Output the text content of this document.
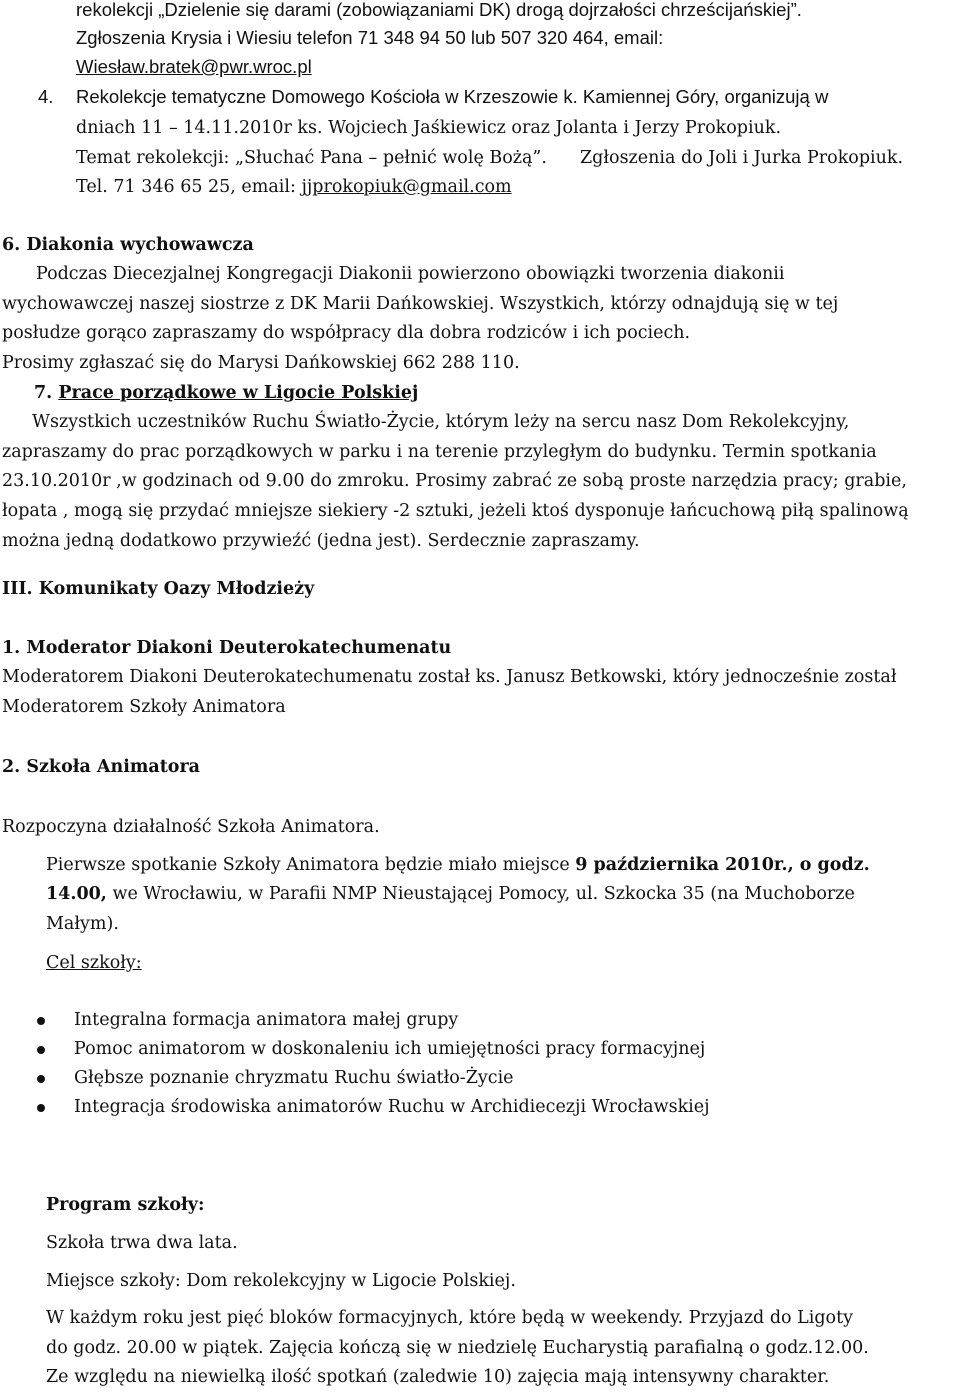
rekolekcji „Dzielenie się darami (zobowiązaniami DK) drogą dojrzałości chrześcijańskiej”.
Zgłoszenia Krysia i Wiesiu telefon 71 348 94 50 lub 507 320 464, email:
Wiesław.bratek@pwr.wroc.pl
4. Rekolekcje tematyczne Domowego Kościoła w Krzeszowie k. Kamiennej Góry, organizują w
dniach 11 – 14.11.2010r ks. Wojciech Jaśkiewicz oraz Jolanta i Jerzy Prokopiuk.
Temat rekolekcji: „Słuchać Pana – pełnić wolę Bożą”. Zgłoszenia do Joli i Jurka Prokopiuk.
Tel. 71 346 65 25, email: jjprokopiuk@gmail.com
6. Diakonia wychowawcza
Podczas Diecezjalnej Kongregacji Diakonii powierzono obowiązki tworzenia diakonii
wychowawczej naszej siostrze z DK Marii Dańkowskiej. Wszystkich, którzy odnajdują się w tej
posłudze gorąco zapraszamy do współpracy dla dobra rodziców i ich pociech.
Prosimy zgłaszać się do Marysi Dańkowskiej 662 288 110.
7. Prace porządkowe w Ligocie Polskiej
Wszystkich uczestników Ruchu Światło-Życie, którym leży na sercu nasz Dom Rekolekcyjny,
zapraszamy do prac porządkowych w parku i na terenie przyległym do budynku. Termin spotkania
23.10.2010r ,w godzinach od 9.00 do zmroku. Prosimy zabrać ze sobą proste narzędzia pracy; grabie,
łopata , mogą się przydać mniejsze siekiery -2 sztuki, jeżeli ktoś dysponuje łańcuchową piłą spalinową
można jedną dodatkowo przywieźć (jedna jest). Serdecznie zapraszamy.
III. Komunikaty Oazy Młodzieży
1. Moderator Diakoni Deuterokatechumenatu
Moderatorem Diakoni Deuterokatechumenatu został ks. Janusz Betkowski, który jednocześnie został
Moderatorem Szkoły Animatora
2. Szkoła Animatora
Rozpoczyna działalność Szkoła Animatora.
Pierwsze spotkanie Szkoły Animatora będzie miało miejsce 9 października 2010r., o godz.
14.00, we Wrocławiu, w Parafii NMP Nieustającej Pomocy, ul. Szkocka 35 (na Muchoborze
Małym).
Cel szkoły:
Integralna formacja animatora małej grupy
Pomoc animatorom w doskonaleniu ich umiejętności pracy formacyjnej
Głębsze poznanie chryzmatu Ruchu światło-Życie
Integracja środowiska animatorów Ruchu w Archidiecezji Wrocławskiej
Program szkoły:
Szkoła trwa dwa lata.
Miejsce szkoły: Dom rekolekcyjny w Ligocie Polskiej.
W każdym roku jest pięć bloków formacyjnych, które będą w weekendy. Przyjazd do Ligoty
do godz. 20.00 w piątek. Zajęcia kończą się w niedzielę Eucharystią parafialną o godz.12.00.
Ze względu na niewielką ilość spotkań (zaledwie 10) zajęcia mają intensywny charakter.
